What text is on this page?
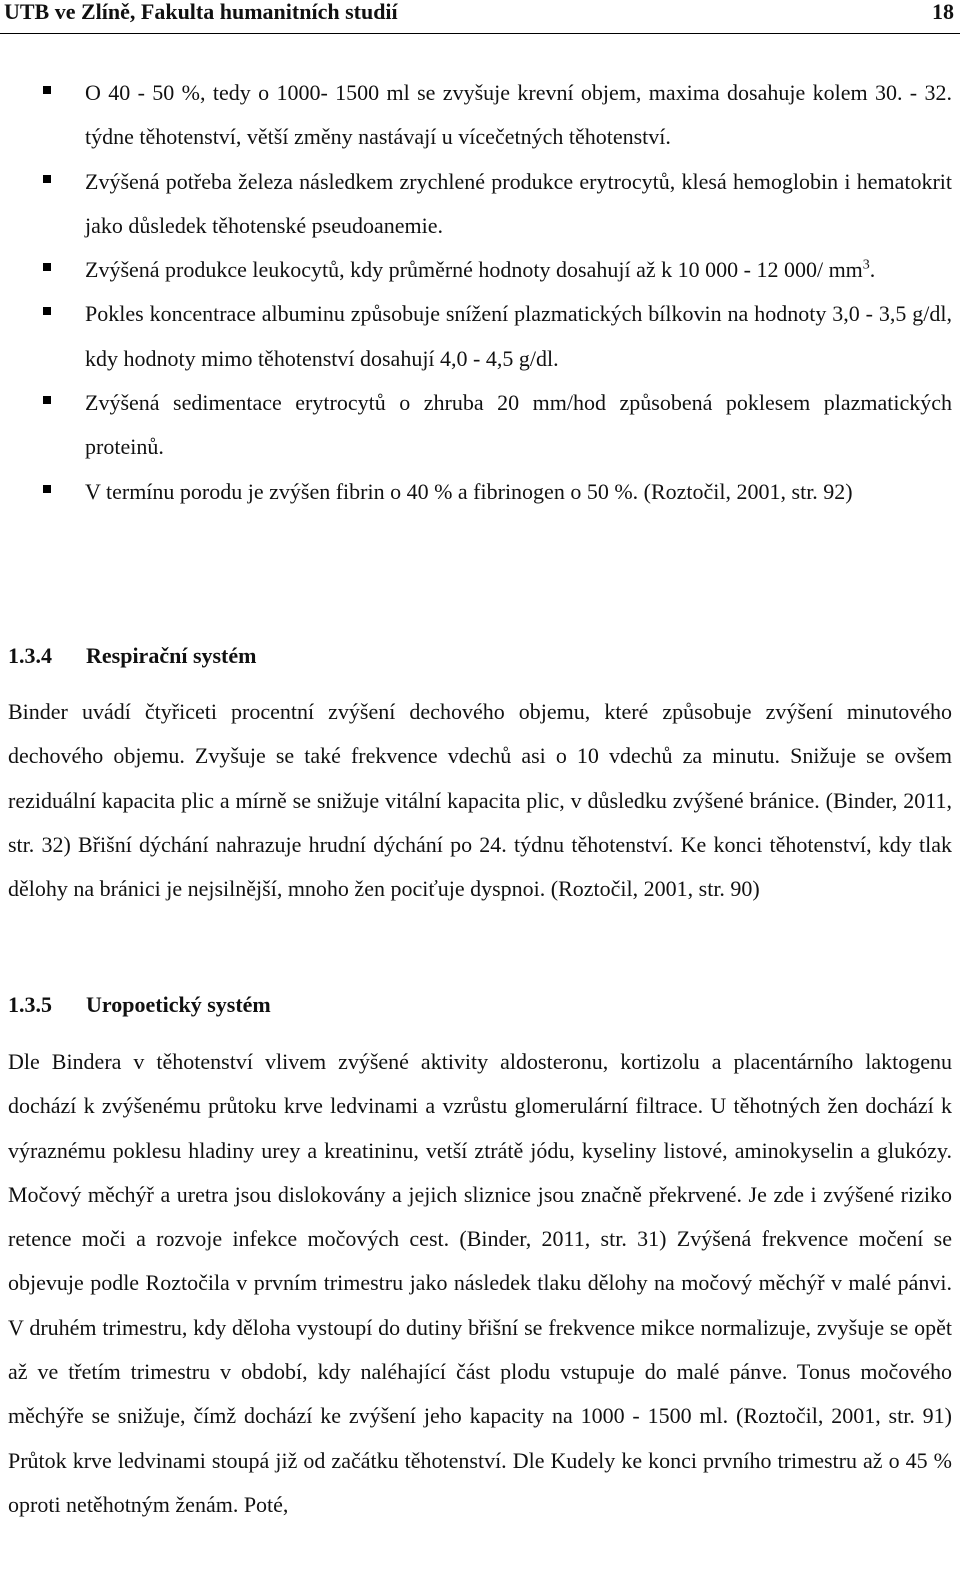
UTB ve Zlíně, Fakulta humanitních studií	18
O 40 - 50 %, tedy o 1000- 1500 ml se zvyšuje krevní objem, maxima dosahuje kolem 30. - 32. týdne těhotenství, větší změny nastávají u vícečetných těhotenství.
Zvýšená potřeba železa následkem zrychlené produkce erytrocytů, klesá hemoglobin i hematokrit jako důsledek těhotenské pseudoanemie.
Zvýšená produkce leukocytů, kdy průměrné hodnoty dosahují až k 10 000 - 12 000/ $mm^3$.
Pokles koncentrace albuminu způsobuje snížení plazmatických bílkovin na hodnoty 3,0 - 3,5 g/dl, kdy hodnoty mimo těhotenství dosahují 4,0 - 4,5 g/dl.
Zvýšená sedimentace erytrocytů o zhruba 20 mm/hod způsobená poklesem plazmatických proteinů.
V termínu porodu je zvýšen fibrin o 40 % a fibrinogen o 50 %. (Roztočil, 2001, str. 92)
1.3.4 Respirační systém

Binder uvádí čtyřiceti procentní zvýšení dechového objemu, které způsobuje zvýšení minutového dechového objemu. Zvyšuje se také frekvence vdechů asi o 10 vdechů za minutu. Snižuje se ovšem reziduální kapacita plic a mírně se snižuje vitální kapacita plic, v důsledku zvýšené bránice. (Binder, 2011, str. 32) Břišní dýchání nahrazuje hrudní dýchání po 24. týdnu těhotenství. Ke konci těhotenství, kdy tlak dělohy na bránici je nejsilnější, mnoho žen pociťuje dyspnoi. (Roztočil, 2001, str. 90)

1.3.5 Uropoetický systém

Dle Bindera v těhotenství vlivem zvýšené aktivity aldosteronu, kortizolu a placentárního laktogenu dochází k zvýšenému průtoku krve ledvinami a vzrůstu glomerulární filtrace. U těhotných žen dochází k výraznému poklesu hladiny urey a kreatininu, vetší ztrátě jódu, kyseliny listové, aminokyselin a glukózy. Močový měchýř a uretra jsou dislokovány a jejich sliznice jsou značně překrvené. Je zde i zvýšené riziko retence moči a rozvoje infekce močových cest. (Binder, 2011, str. 31) Zvýšená frekvence močení se objevuje podle Roztočila v prvním trimestru jako následek tlaku dělohy na močový měchýř v malé pánvi. V druhém trimestru, kdy děloha vystoupí do dutiny břišní se frekvence mikce normalizuje, zvyšuje se opět až ve třetím trimestru v období, kdy naléhající část plodu vstupuje do malé pánve. Tonus močového měchýře se snižuje, čímž dochází ke zvýšení jeho kapacity na 1000 - 1500 ml. (Roztočil, 2001, str. 91) Průtok krve ledvinami stoupá již od začátku těhotenství. Dle Kudely ke konci prvního trimestru až o 45 % oproti netěhotným ženám. Poté,
